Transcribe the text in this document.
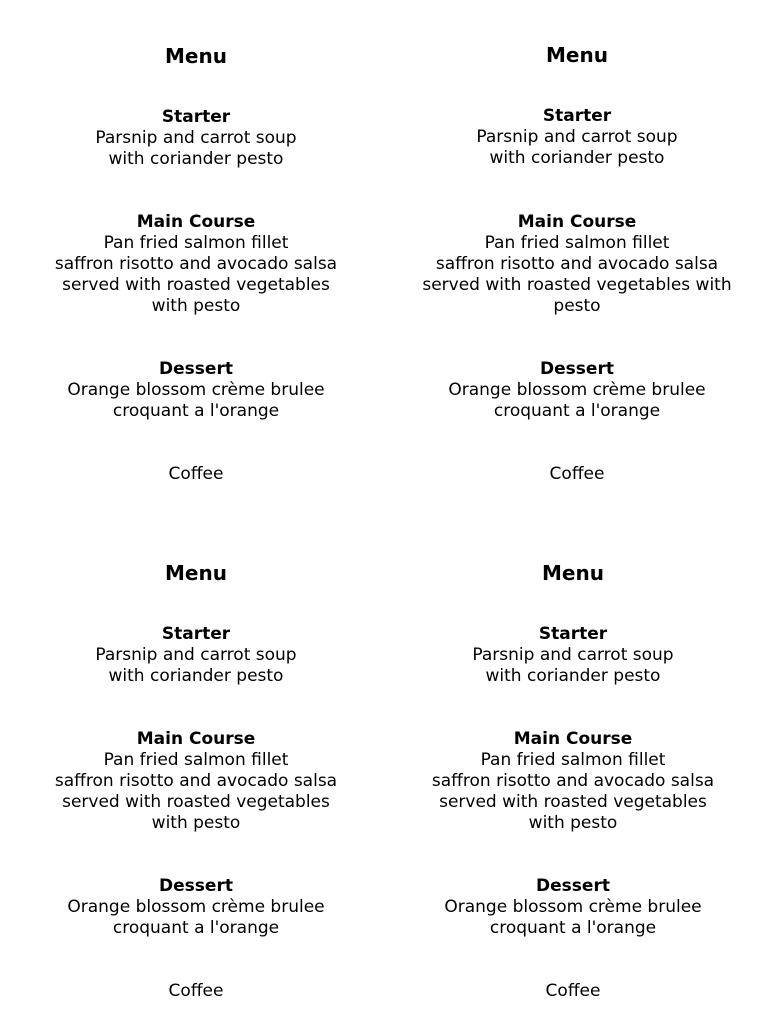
Menu

Starter

Parsnip and carrot soup

with coriander pesto

Main Course

Pan fried salmon fillet

saffron risotto and avocado salsa

served with roasted vegetables

with pesto

Dessert

Orange blossom crème brulee

croquant a l'orange

Coffee

Menu

Starter

Parsnip and carrot soup

with coriander pesto

Main Course

Pan fried salmon fillet

saffron risotto and avocado salsa

served with roasted vegetables with

pesto

Dessert

Orange blossom crème brulee

croquant a l'orange

Coffee

Menu

Starter

Parsnip and carrot soup

with coriander pesto

Main Course

Pan fried salmon fillet

saffron risotto and avocado salsa

served with roasted vegetables

with pesto

Dessert

Orange blossom crème brulee

croquant a l'orange

Coffee

Menu

Starter

Parsnip and carrot soup

with coriander pesto

Main Course

Pan fried salmon fillet

saffron risotto and avocado salsa

served with roasted vegetables

with pesto

Dessert

Orange blossom crème brulee

croquant a l'orange

Coffee
